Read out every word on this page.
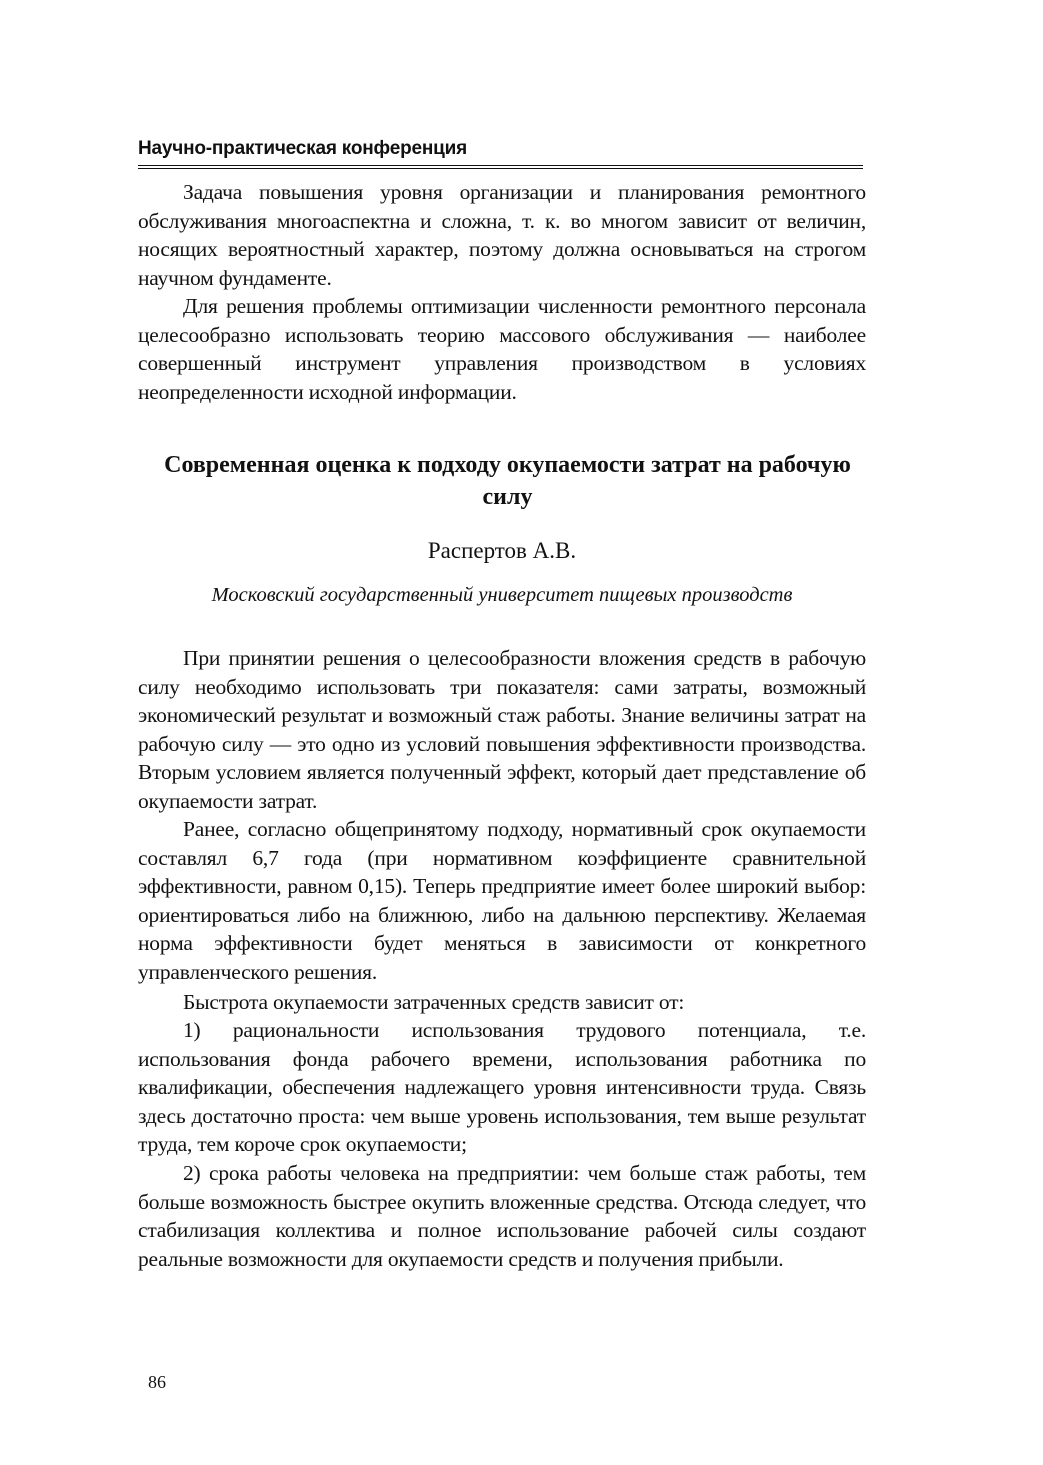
Научно-практическая конференция

Задача повышения уровня организации и планирования ремонтного обслуживания многоаспектна и сложна, т. к. во многом зависит от величин, носящих вероятностный характер, поэтому должна основываться на строгом научном фундаменте.

Для решения проблемы оптимизации численности ремонтного персонала целесообразно использовать теорию массового обслуживания — наиболее совершенный инструмент управления производством в условиях неопределенности исходной информации.

Современная оценка к подходу окупаемости затрат на рабочую силу
Распертов А.В.
Московский государственный университет пищевых производств

При принятии решения о целесообразности вложения средств в рабочую силу необходимо использовать три показателя: сами затраты, возможный экономический результат и возможный стаж работы. Знание величины затрат на рабочую силу — это одно из условий повышения эффективности производства. Вторым условием является полученный эффект, который дает представление об окупаемости затрат.

Ранее, согласно общепринятому подходу, нормативный срок окупаемости составлял 6,7 года (при нормативном коэффициенте сравнительной эффективности, равном 0,15). Теперь предприятие имеет более широкий выбор: ориентироваться либо на ближнюю, либо на дальнюю перспективу. Желаемая норма эффективности будет меняться в зависимости от конкретного управленческого решения.

Быстрота окупаемости затраченных средств зависит от:

1) рациональности использования трудового потенциала, т.е. использования фонда рабочего времени, использования работника по квалификации, обеспечения надлежащего уровня интенсивности труда. Связь здесь достаточно проста: чем выше уровень использования, тем выше результат труда, тем короче срок окупаемости;

2) срока работы человека на предприятии: чем больше стаж работы, тем больше возможность быстрее окупить вложенные средства. Отсюда следует, что стабилизация коллектива и полное использование рабочей силы создают реальные возможности для окупаемости средств и получения прибыли.

86
